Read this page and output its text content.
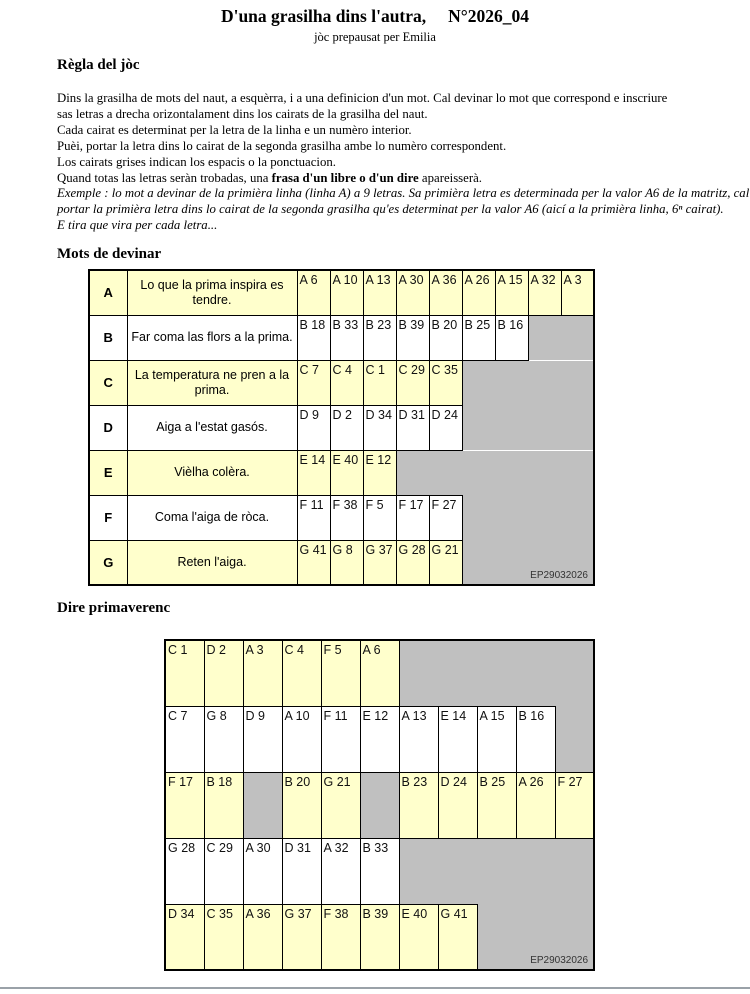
D'una grasilha dins l'autra, N°2026_04
jòc prepausat per Emilia
Règla del jòc
Dins la grasilha de mots del naut, a esquèrra, i a una definicion d'un mot. Cal devinar lo mot que correspond e inscriure
sas letras a drecha orizontalament dins los cairats de la grasilha del naut.
Cada cairat es determinat per la letra de la linha e un numèro interior.
Puèi, portar la letra dins lo cairat de la segonda grasilha ambe lo numèro correspondent.
Los cairats grises indican los espacis o la ponctuacion.
Quand totas las letras seràn trobadas, una frasa d'un libre o d'un dire apareisserà.
Exemple : lo mot a devinar de la primièra linha (linha A) a 9 letras. Sa primièra letra es determinada per la valor A6 de la matritz, cal
portar la primièra letra dins lo cairat de la segonda grasilha qu'es determinat per la valor A6 (aicí a la primièra linha, 6ⁿ cairat).
E tira que vira per cada letra...
Mots de devinar
A	Lo que la prima inspira es tendre.	A 6	A 10	A 13	A 30	A 36	A 26	A 15	A 32	A 3
B	Far coma las flors a la prima.	B 18	B 33	B 23	B 39	B 20	B 25	B 16		
C	La temperatura ne pren a la prima.	C 7	C 4	C 1	C 29	C 35				
D	Aiga a l'estat gasós.	D 9	D 2	D 34	D 31	D 24				
E	Vièlha colèra.	E 14	E 40	E 12						
F	Coma l'aiga de ròca.	F 11	F 38	F 5	F 17	F 27				
G	Reten l'aiga.	G 41	G 8	G 37	G 28	G 21	EP29032026			
Dire primaverenc
C 1	D 2	A 3	C 4	F 5	A 6					
C 7	G 8	D 9	A 10	F 11	E 12	A 13	E 14	A 15	B 16	
F 17	B 18		B 20	G 21		B 23	D 24	B 25	A 26	F 27
G 28	C 29	A 30	D 31	A 32	B 33					
D 34	C 35	A 36	G 37	F 38	B 39	E 40	G 41	EP29032026		
